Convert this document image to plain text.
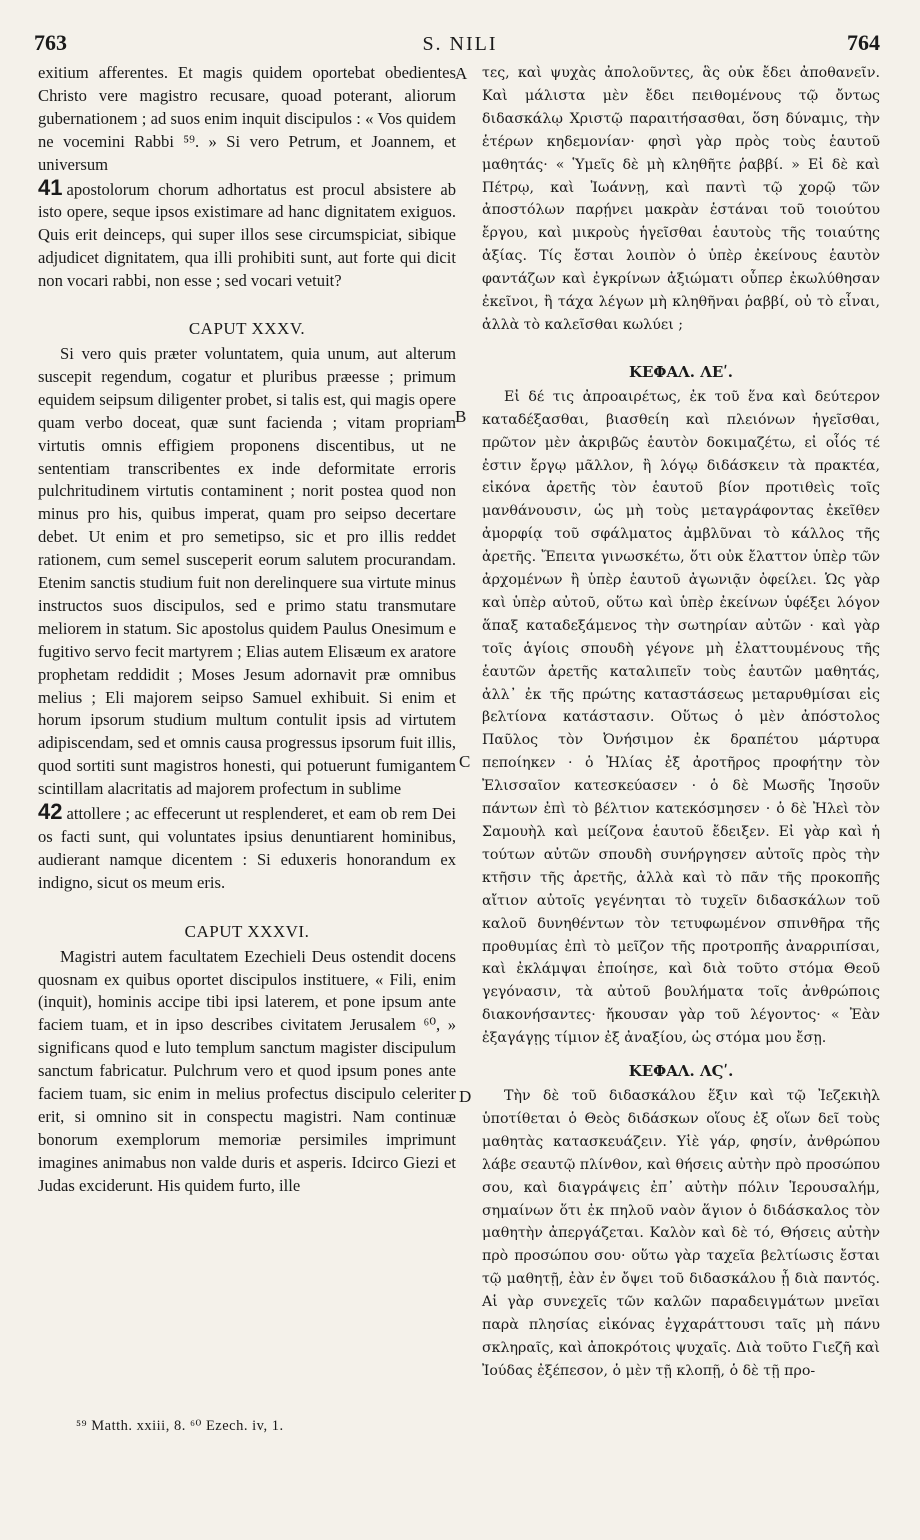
763	S. NILI	764

exitium afferentes. Et magis quidem oportebat obedientes Christo vere magistro recusare, quoad poterant, aliorum gubernationem ; ad suos enim inquit discipulos : « Vos quidem ne vocemini Rabbi ⁵⁹. » Si vero Petrum, et Joannem, et universum
41 apostolorum chorum adhortatus est procul absistere ab isto opere, seque ipsos existimare ad hanc dignitatem exiguos. Quis erit deinceps, qui super illos sese circumspiciat, sibique adjudicet dignitatem, qua illi prohibiti sunt, aut forte qui dicit non vocari rabbi, non esse ; sed vocari vetuit?

CAPUT XXXV.

Si vero quis præter voluntatem, quia unum, aut alterum suscepit regendum, cogatur et pluribus præesse ; primum equidem seipsum diligenter probet, si talis est, qui magis opere quam verbo doceat, quæ sunt facienda ; vitam propriam virtutis omnis effigiem proponens discentibus, ut ne sententiam transcribentes ex inde deformitate erroris pulchritudinem virtutis contaminent ; norit postea quod non minus pro his, quibus imperat, quam pro seipso decertare debet. Ut enim et pro semetipso, sic et pro illis reddet rationem, cum semel susceperit eorum salutem procurandam. Etenim sanctis studium fuit non derelinquere sua virtute minus instructos suos discipulos, sed e primo statu transmutare meliorem in statum. Sic apostolus quidem Paulus Onesimum e fugitivo servo fecit martyrem ; Elias autem Elisæum ex aratore prophetam reddidit ; Moses Jesum adornavit præ omnibus melius ; Eli majorem seipso Samuel exhibuit. Si enim et horum ipsorum studium multum contulit ipsis ad virtutem adipiscendam, sed et omnis causa progressus ipsorum fuit illis, quod sortiti sunt magistros honesti, qui potuerunt fumigantem scintillam alacritatis ad majorem profectum in sublime
42 attollere ; ac effecerunt ut resplenderet, et eam ob rem Dei os facti sunt, qui voluntates ipsius denuntiarent hominibus, audierant namque dicentem : Si eduxeris honorandum ex indigno, sicut os meum eris.

CAPUT XXXVI.

Magistri autem facultatem Ezechieli Deus ostendit docens quosnam ex quibus oportet discipulos instituere, « Fili, enim (inquit), hominis accipe tibi ipsi laterem, et pone ipsum ante faciem tuam, et in ipso describes civitatem Jerusalem ⁶⁰, » significans quod e luto templum sanctum magister discipulum sanctum fabricatur. Pulchrum vero et quod ipsum pones ante faciem tuam, sic enim in melius profectus discipulo celeriter erit, si omnino sit in conspectu magistri. Nam continuæ bonorum exemplorum memoriæ persimiles imprimunt imagines animabus non valde duris et asperis. Idcirco Giezi et Judas exciderunt. His quidem furto, ille

τες, καὶ ψυχὰς ἀπολοῦντες, ἃς οὐκ ἔδει ἀποθανεῖν. Καὶ μάλιστα μὲν ἔδει πειθομένους τῷ ὄντως διδασκάλῳ Χριστῷ παραιτήσασθαι, ὅση δύναμις, τὴν ἑτέρων κηδεμονίαν· φησὶ γὰρ πρὸς τοὺς ἑαυτοῦ μαθητάς· « Ὑμεῖς δὲ μὴ κληθῆτε ῥαββί. » Εἰ δὲ καὶ Πέτρῳ, καὶ Ἰωάννῃ, καὶ παντὶ τῷ χορῷ τῶν ἀποστόλων παρῄνει μακρὰν ἑστάναι τοῦ τοιούτου ἔργου, καὶ μικροὺς ἡγεῖσθαι ἑαυτοὺς τῆς τοιαύτης ἀξίας. Τίς ἔσται λοιπὸν ὁ ὑπὲρ ἐκείνους ἑαυτὸν φαντάζων καὶ ἐγκρίνων ἀξιώματι οὗπερ ἐκωλύθησαν ἐκεῖνοι, ἢ τάχα λέγων μὴ κληθῆναι ῥαββί, οὐ τὸ εἶναι, ἀλλὰ τὸ καλεῖσθαι κωλύει ;

ΚΕΦΑΛ. ΛΕʹ.

Εἰ δέ τις ἀπροαιρέτως, ἐκ τοῦ ἕνα καὶ δεύτερον καταδέξασθαι, βιασθείη καὶ πλειόνων ἡγεῖσθαι, πρῶτον μὲν ἀκριβῶς ἑαυτὸν δοκιμαζέτω, εἰ οἷός τέ ἐστιν ἔργῳ μᾶλλον, ἢ λόγῳ διδάσκειν τὰ πρακτέα, εἰκόνα ἀρετῆς τὸν ἑαυτοῦ βίον προτιθεὶς τοῖς μανθάνουσιν, ὡς μὴ τοὺς μεταγράφοντας ἐκεῖθεν ἀμορφίᾳ τοῦ σφάλματος ἀμβλῦναι τὸ κάλλος τῆς ἀρετῆς. Ἔπειτα γινωσκέτω, ὅτι οὐκ ἔλαττον ὑπὲρ τῶν ἀρχομένων ἢ ὑπὲρ ἑαυτοῦ ἀγωνιᾷν ὀφείλει. Ὡς γὰρ καὶ ὑπὲρ αὐτοῦ, οὕτω καὶ ὑπὲρ ἐκείνων ὑφέξει λόγον ἅπαξ καταδεξάμενος τὴν σωτηρίαν αὐτῶν · καὶ γὰρ τοῖς ἁγίοις σπουδὴ γέγονε μὴ ἐλαττουμένους τῆς ἑαυτῶν ἀρετῆς καταλιπεῖν τοὺς ἑαυτῶν μαθητάς, ἀλλ᾽ ἐκ τῆς πρώτης καταστάσεως μεταρυθμίσαι εἰς βελτίονα κατάστασιν. Οὕτως ὁ μὲν ἀπόστολος Παῦλος τὸν Ὀνήσιμον ἐκ δραπέτου μάρτυρα πεποίηκεν · ὁ Ἠλίας ἐξ ἀροτῆρος προφήτην τὸν Ἐλισσαῖον κατεσκεύασεν · ὁ δὲ Μωσῆς Ἰησοῦν πάντων ἐπὶ τὸ βέλτιον κατεκόσμησεν · ὁ δὲ Ἠλεὶ τὸν Σαμουὴλ καὶ μείζονα ἑαυτοῦ ἔδειξεν. Εἰ γὰρ καὶ ἡ τούτων αὐτῶν σπουδὴ συνήργησεν αὐτοῖς πρὸς τὴν κτῆσιν τῆς ἀρετῆς, ἀλλὰ καὶ τὸ πᾶν τῆς προκοπῆς αἴτιον αὐτοῖς γεγένηται τὸ τυχεῖν διδασκάλων τοῦ καλοῦ δυνηθέντων τὸν τετυφωμένον σπινθῆρα τῆς προθυμίας ἐπὶ τὸ μεῖζον τῆς προτροπῆς ἀναρριπίσαι, καὶ ἐκλάμψαι ἐποίησε, καὶ διὰ τοῦτο στόμα Θεοῦ γεγόνασιν, τὰ αὐτοῦ βουλήματα τοῖς ἀνθρώποις διακονήσαντες· ἤκουσαν γὰρ τοῦ λέγοντος· « Ἐὰν ἐξαγάγῃς τίμιον ἐξ ἀναξίου, ὡς στόμα μου ἔσῃ.

ΚΕΦΑΛ. ΛϚʹ.

Τὴν δὲ τοῦ διδασκάλου ἕξιν καὶ τῷ Ἰεζεκιὴλ ὑποτίθεται ὁ Θεὸς διδάσκων οἵους ἐξ οἵων δεῖ τοὺς μαθητὰς κατασκευάζειν. Υἱὲ γάρ, φησίν, ἀνθρώπου λάβε σεαυτῷ πλίνθον, καὶ θήσεις αὐτὴν πρὸ προσώπου σου, καὶ διαγράψεις ἐπ᾽ αὐτὴν πόλιν Ἱερουσαλήμ, σημαίνων ὅτι ἐκ πηλοῦ ναὸν ἅγιον ὁ διδάσκαλος τὸν μαθητὴν ἀπεργάζεται. Καλὸν καὶ δὲ τό, Θήσεις αὐτὴν πρὸ προσώπου σου· οὕτω γὰρ ταχεῖα βελτίωσις ἔσται τῷ μαθητῇ, ἐὰν ἐν ὄψει τοῦ διδασκάλου ᾖ διὰ παντός. Αἱ γὰρ συνεχεῖς τῶν καλῶν παραδειγμάτων μνεῖαι παρὰ πλησίας εἰκόνας ἐγχαράττουσι ταῖς μὴ πάνυ σκληραῖς, καὶ ἀποκρότοις ψυχαῖς. Διὰ τοῦτο Γιεζῆ καὶ Ἰούδας ἐξέπεσον, ὁ μὲν τῇ κλοπῇ, ὁ δὲ τῇ προ-

A
B
C
D
⁵⁹ Matth. xxiii, 8. ⁶⁰ Ezech. iv, 1.
